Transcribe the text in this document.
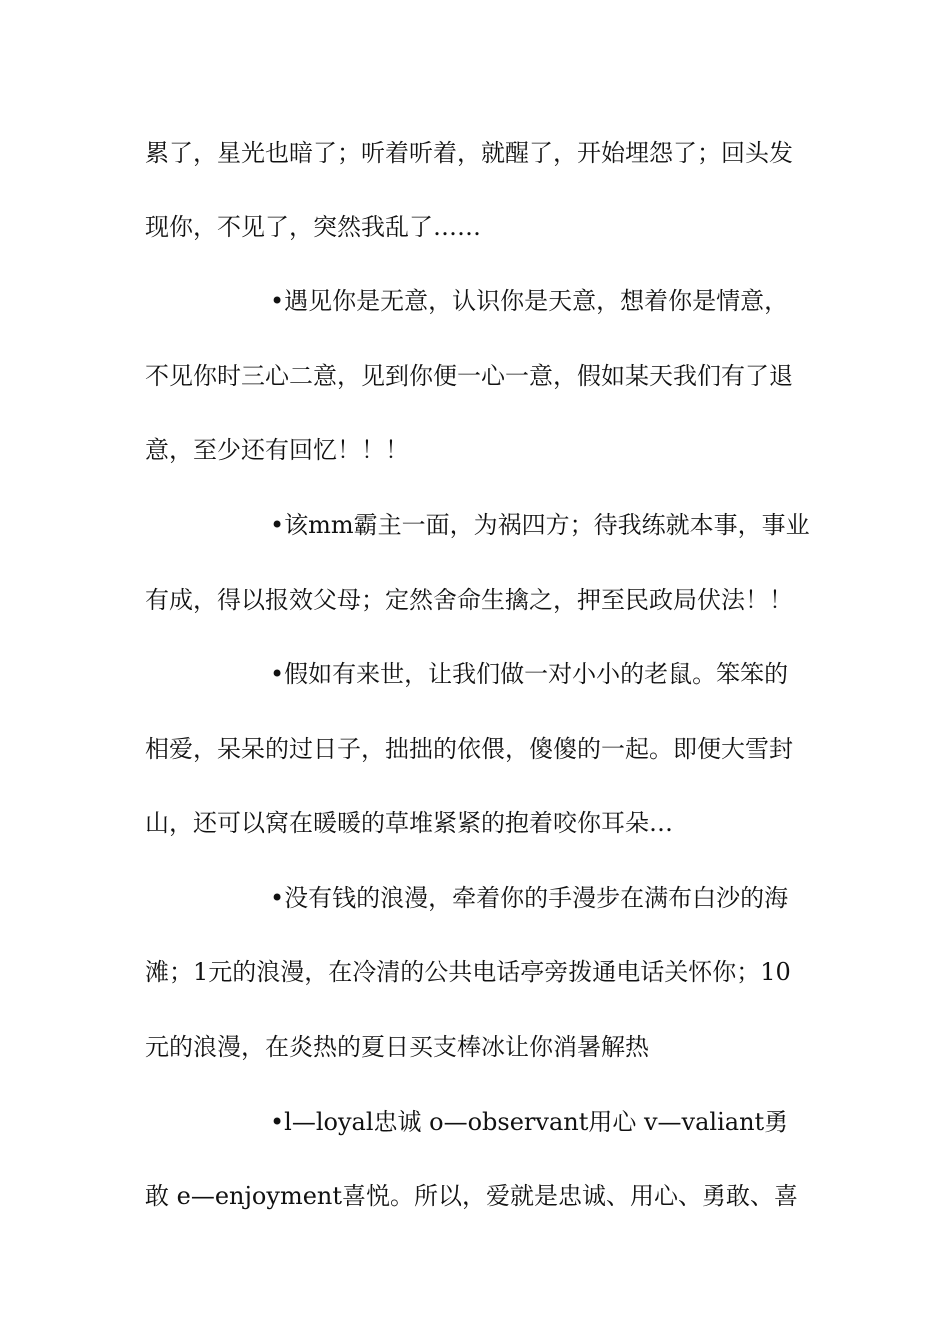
累了，星光也暗了；听着听着，就醒了，开始埋怨了；回头发
现你，不见了，突然我乱了……
•遇见你是无意，认识你是天意，想着你是情意，
不见你时三心二意，见到你便一心一意，假如某天我们有了退
意，至少还有回忆！！！
•该mm霸主一面，为祸四方；待我练就本事，事业
有成，得以报效父母；定然舍命生擒之，押至民政局伏法！！
•假如有来世，让我们做一对小小的老鼠。笨笨的
相爱，呆呆的过日子，拙拙的依偎，傻傻的一起。即便大雪封
山，还可以窝在暖暖的草堆紧紧的抱着咬你耳朵…
•没有钱的浪漫，牵着你的手漫步在满布白沙的海
滩；1元的浪漫，在冷清的公共电话亭旁拨通电话关怀你；10
元的浪漫，在炎热的夏日买支棒冰让你消暑解热
•l—loyal忠诚 o—observant用心 v—valiant勇
敢 e—enjoyment喜悦。所以，爱就是忠诚、用心、勇敢、喜
